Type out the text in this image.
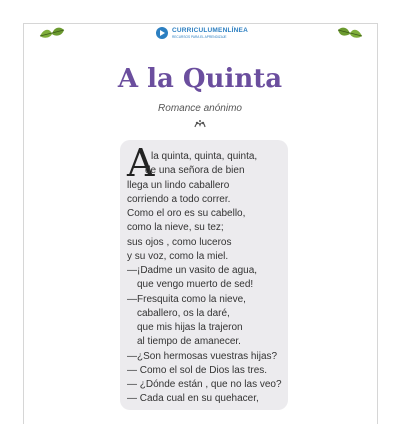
CURRICULUMENLÍNEA
RECURSOS PARA EL APRENDIZAJE
A la Quinta
Romance anónimo
A
la quinta, quinta, quinta,
de una señora de bien
llega un lindo caballero
corriendo a todo correr.
Como el oro es su cabello,
como la nieve, su tez;
sus ojos , como luceros
y su voz, como la miel.
—¡Dadme un vasito de agua,
que vengo muerto de sed!
—Fresquita como la nieve,
caballero, os la daré,
que mis hijas la trajeron
al tiempo de amanecer.
—¿Son hermosas vuestras hijas?
— Como el sol de Dios las tres.
— ¿Dónde están , que no las veo?
— Cada cual en su quehacer,
